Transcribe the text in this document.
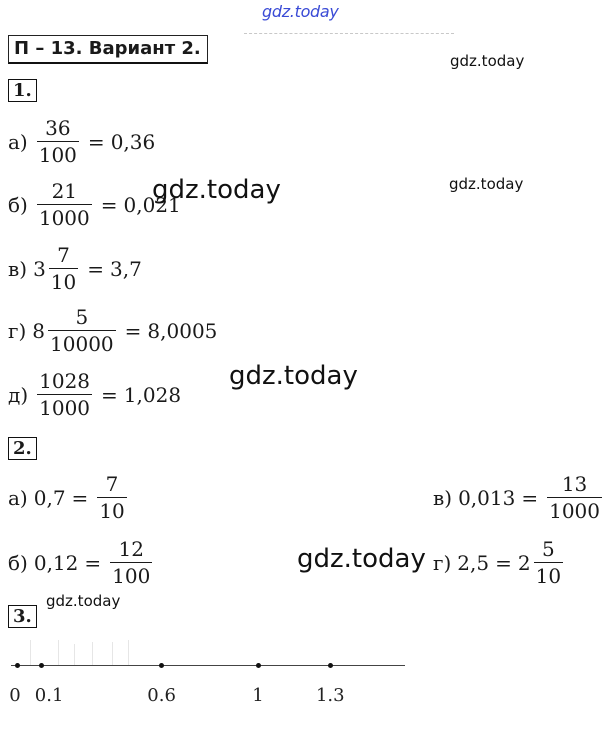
gdz.today
gdz.today
gdz.today
gdz.today
П – 13. Вариант 2.
1.
$а) \frac{36}{100} = 0,36$
$б) \frac{21}{1000} = 0,021$
в) $3 \frac{7}{10} = 3,7$
г) $8 \frac{5}{10000} = 8,0005$
$д) \frac{1028}{1000} = 1,028$
2.
а) $0,7 = \frac{7}{10}$	в) $0,013 = \frac{13}{1000}$
б) $0,12 = \frac{12}{100}$	г) $2,5 = 2 \frac{5}{10}$
gdz.today
gdz.today
gdz.today
3.
0 0.1	0.6	1	1.3
